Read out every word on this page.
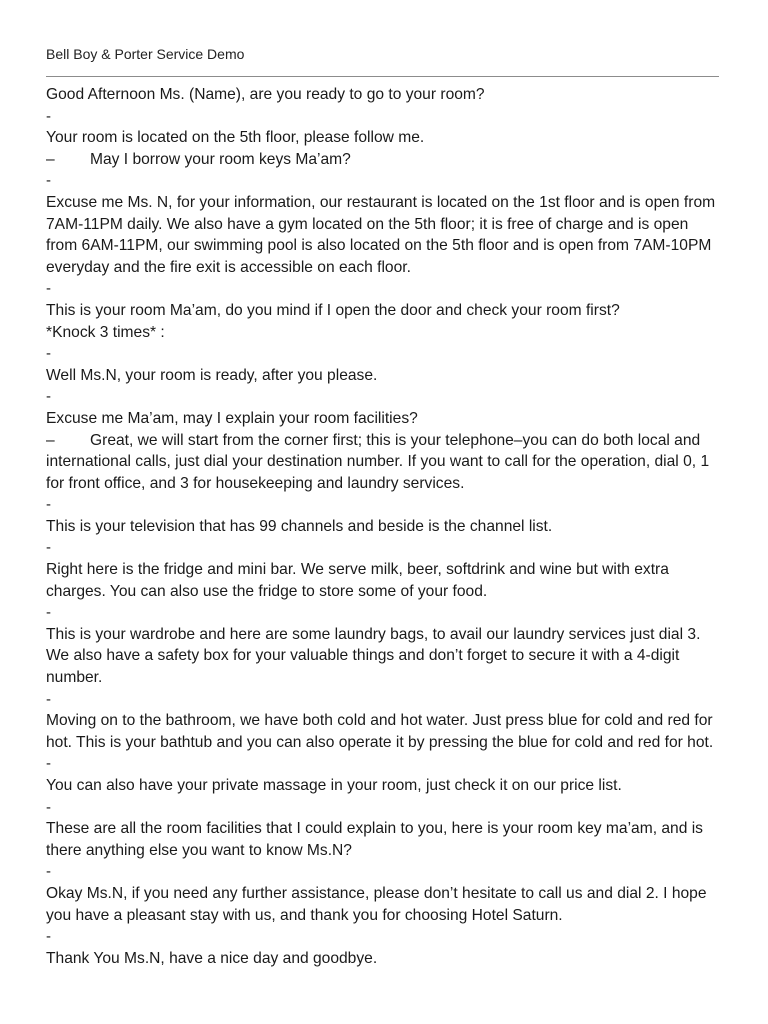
Bell Boy & Porter Service Demo

Good Afternoon Ms. (Name), are you ready to go to your room?

-

Your room is located on the 5th floor, please follow me.

– May I borrow your room keys Ma’am?

-

Excuse me Ms. N, for your information, our restaurant is located on the 1st floor and is open from 7AM-11PM daily. We also have a gym located on the 5th floor; it is free of charge and is open from 6AM-11PM, our swimming pool is also located on the 5th floor and is open from 7AM-10PM everyday and the fire exit is accessible on each floor.

-

This is your room Ma’am, do you mind if I open the door and check your room first?

*Knock 3 times* :

-

Well Ms.N, your room is ready, after you please.

-

Excuse me Ma’am, may I explain your room facilities?

– Great, we will start from the corner first; this is your telephone–you can do both local and international calls, just dial your destination number. If you want to call for the operation, dial 0, 1 for front office, and 3 for housekeeping and laundry services.

-

This is your television that has 99 channels and beside is the channel list.

-

Right here is the fridge and mini bar. We serve milk, beer, softdrink and wine but with extra charges. You can also use the fridge to store some of your food.

-

This is your wardrobe and here are some laundry bags, to avail our laundry services just dial 3. We also have a safety box for your valuable things and don’t forget to secure it with a 4-digit number.

-

Moving on to the bathroom, we have both cold and hot water. Just press blue for cold and red for hot. This is your bathtub and you can also operate it by pressing the blue for cold and red for hot.

-

You can also have your private massage in your room, just check it on our price list.

-

These are all the room facilities that I could explain to you, here is your room key ma’am, and is there anything else you want to know Ms.N?

-

Okay Ms.N, if you need any further assistance, please don’t hesitate to call us and dial 2. I hope you have a pleasant stay with us, and thank you for choosing Hotel Saturn.

-

Thank You Ms.N, have a nice day and goodbye.
